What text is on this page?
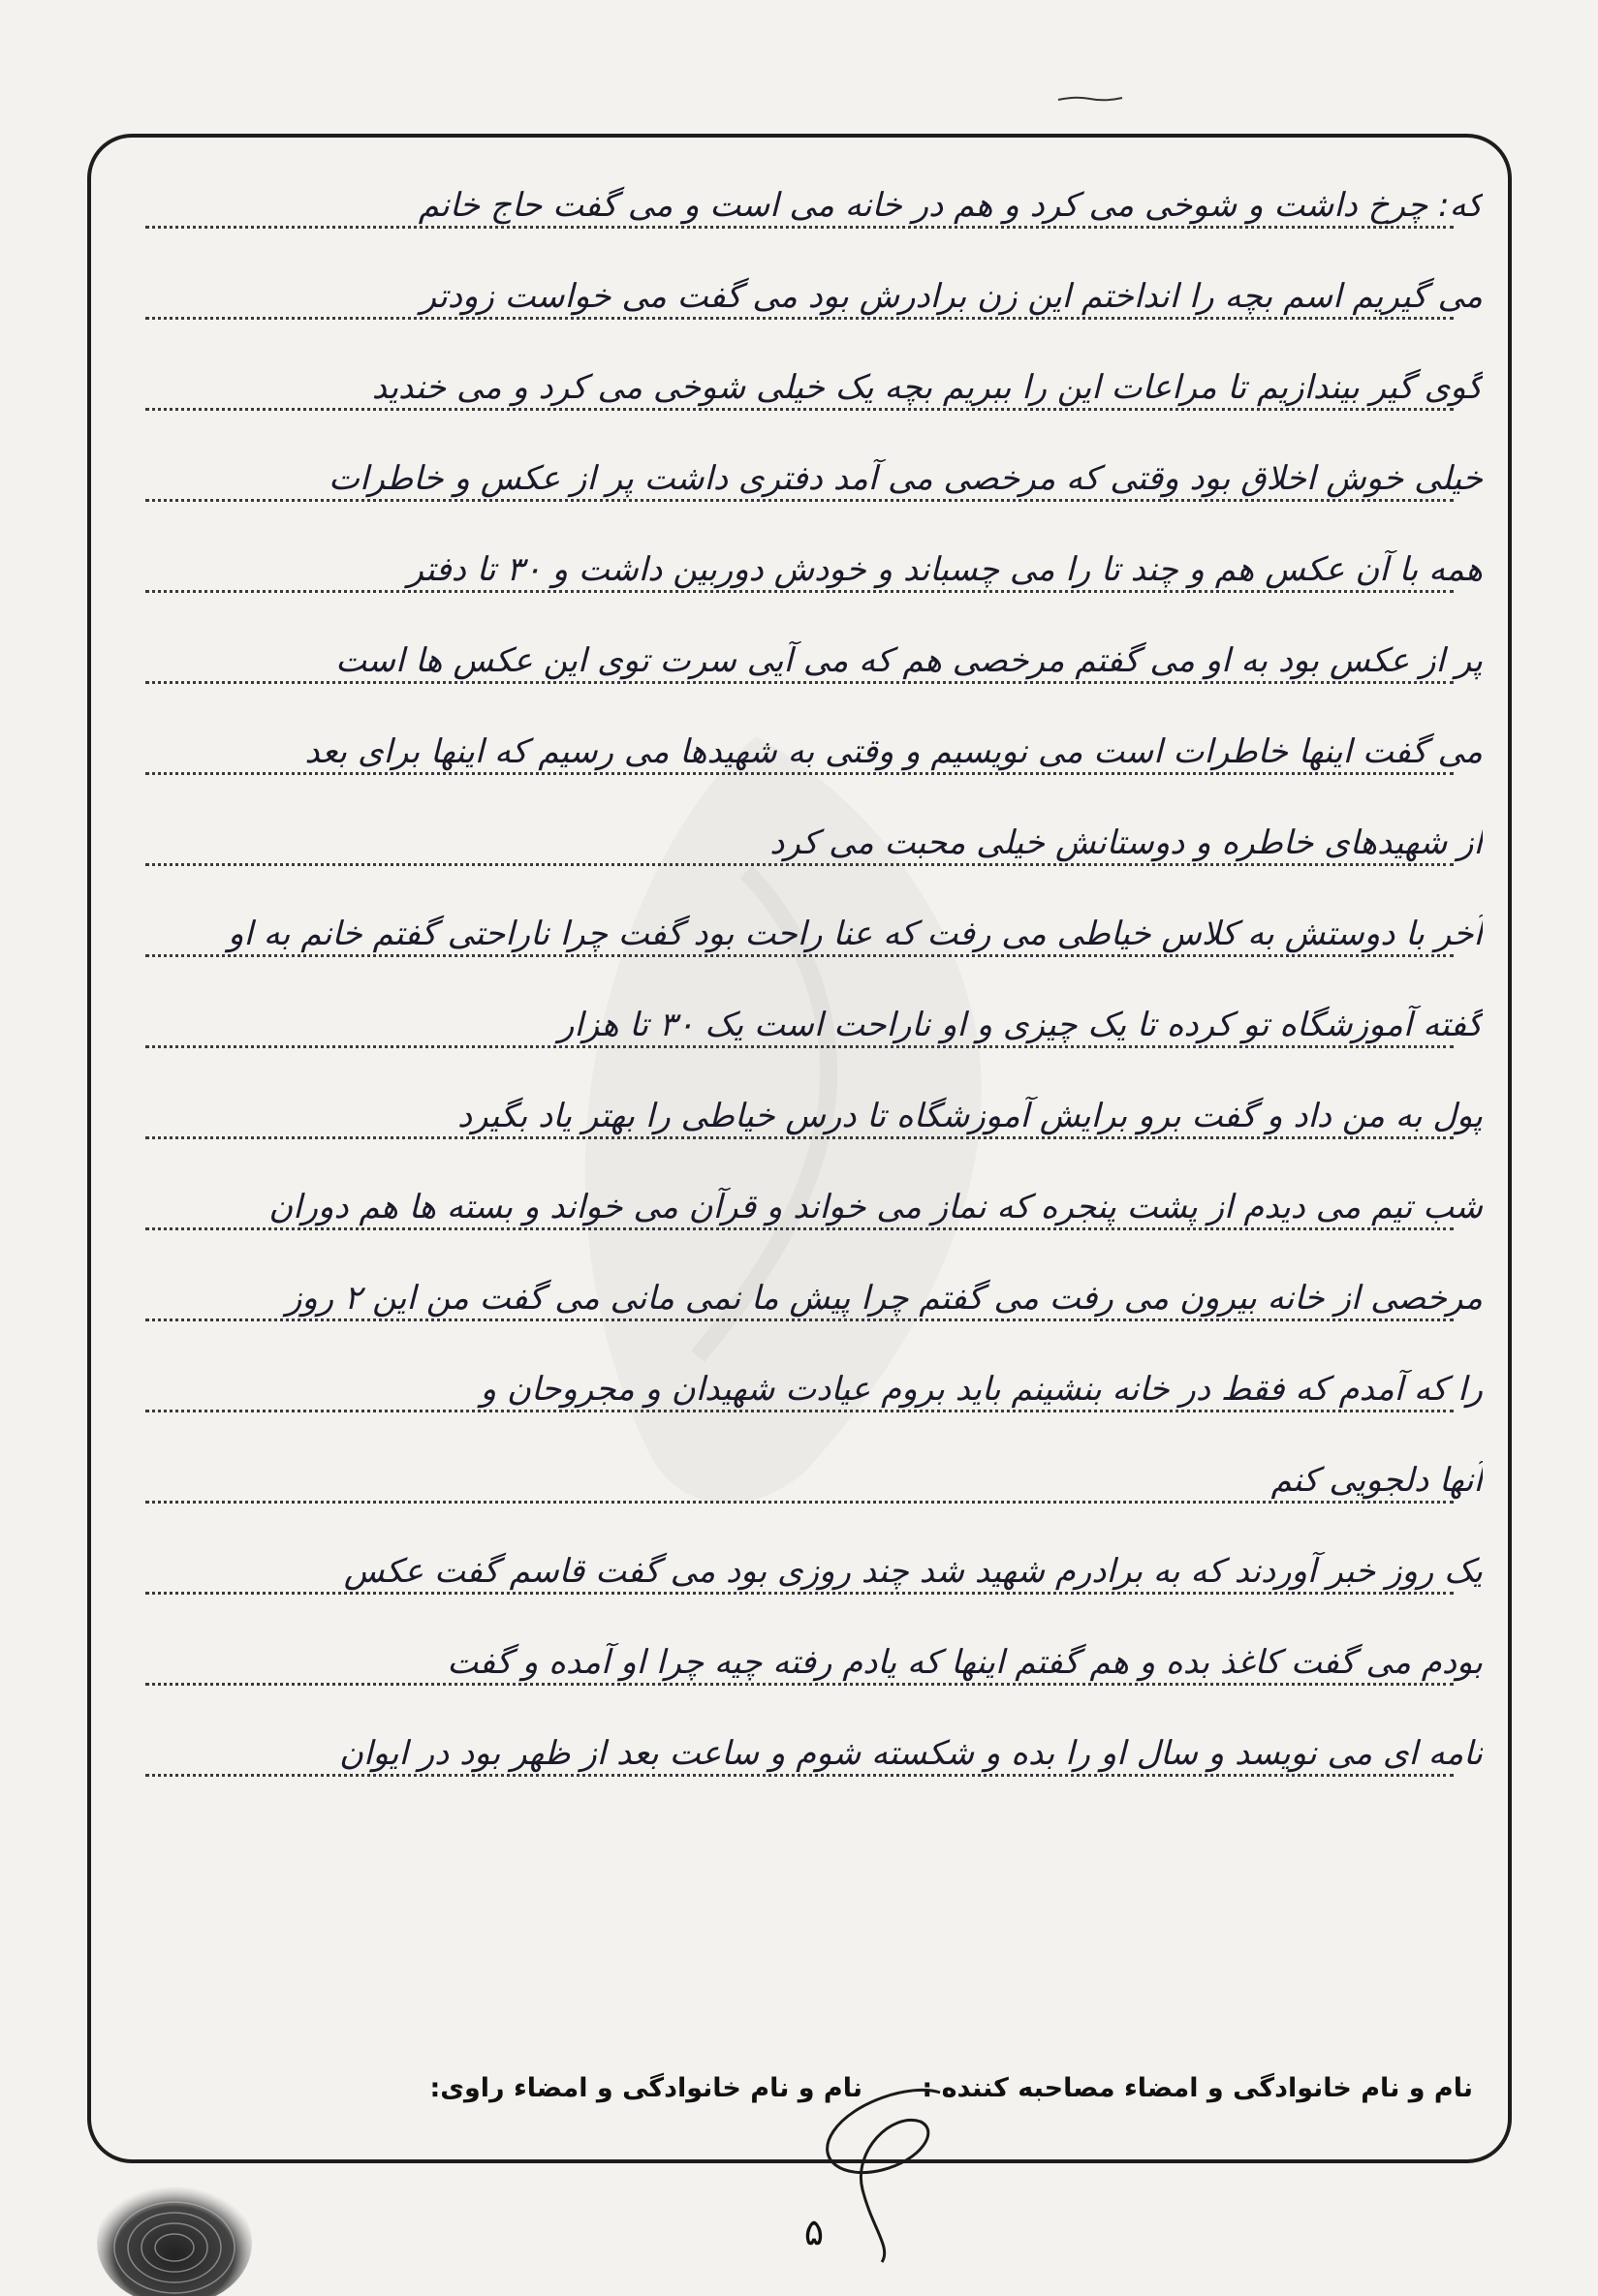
که: چرخ داشت و شوخی می کرد و هم در خانه می است و می گفت حاج خانم
می گیریم اسم بچه را انداختم این زن برادرش بود می گفت می خواست زودتر
گوی گیر بیندازیم تا مراعات این را ببریم بچه یک خیلی شوخی می کرد و می خندید
خیلی خوش اخلاق بود وقتی که مرخصی می آمد دفتری داشت پر از عکس و خاطرات
همه با آن عکس هم و چند تا را می چسباند و خودش دوربین داشت و ۳۰ تا دفتر
پر از عکس بود به او می گفتم مرخصی هم که می آیی سرت توی این عکس ها است
می گفت اینها خاطرات است می نویسیم و وقتی به شهیدها می رسیم که اینها برای بعد
از شهیدهای خاطره و دوستانش خیلی محبت می کرد
آخر با دوستش به کلاس خیاطی می رفت که عنا راحت بود گفت چرا ناراحتی گفتم خانم به او
گفته آموزشگاه تو کرده تا یک چیزی و او ناراحت است یک ۳۰ تا هزار
پول به من داد و گفت برو برایش آموزشگاه تا درس خیاطی را بهتر یاد بگیرد
شب تیم می دیدم از پشت پنجره که نماز می خواند و قرآن می خواند و بسته ها هم دوران
مرخصی از خانه بیرون می رفت می گفتم چرا پیش ما نمی مانی می گفت من این ۲ روز
را که آمدم که فقط در خانه بنشینم باید بروم عیادت شهیدان و مجروحان و
آنها دلجویی کنم
یک روز خبر آوردند که به برادرم شهید شد چند روزی بود می گفت قاسم گفت عکس
بودم می گفت کاغذ بده و هم گفتم اینها که یادم رفته چیه چرا او آمده و گفت
نامه ای می نویسد و سال او را بده و شکسته شوم و ساعت بعد از ظهر بود در ایوان
نام و نام خانوادگی و امضاء مصاحبه کننده :
نام و نام خانوادگی و امضاء راوی:
۵
